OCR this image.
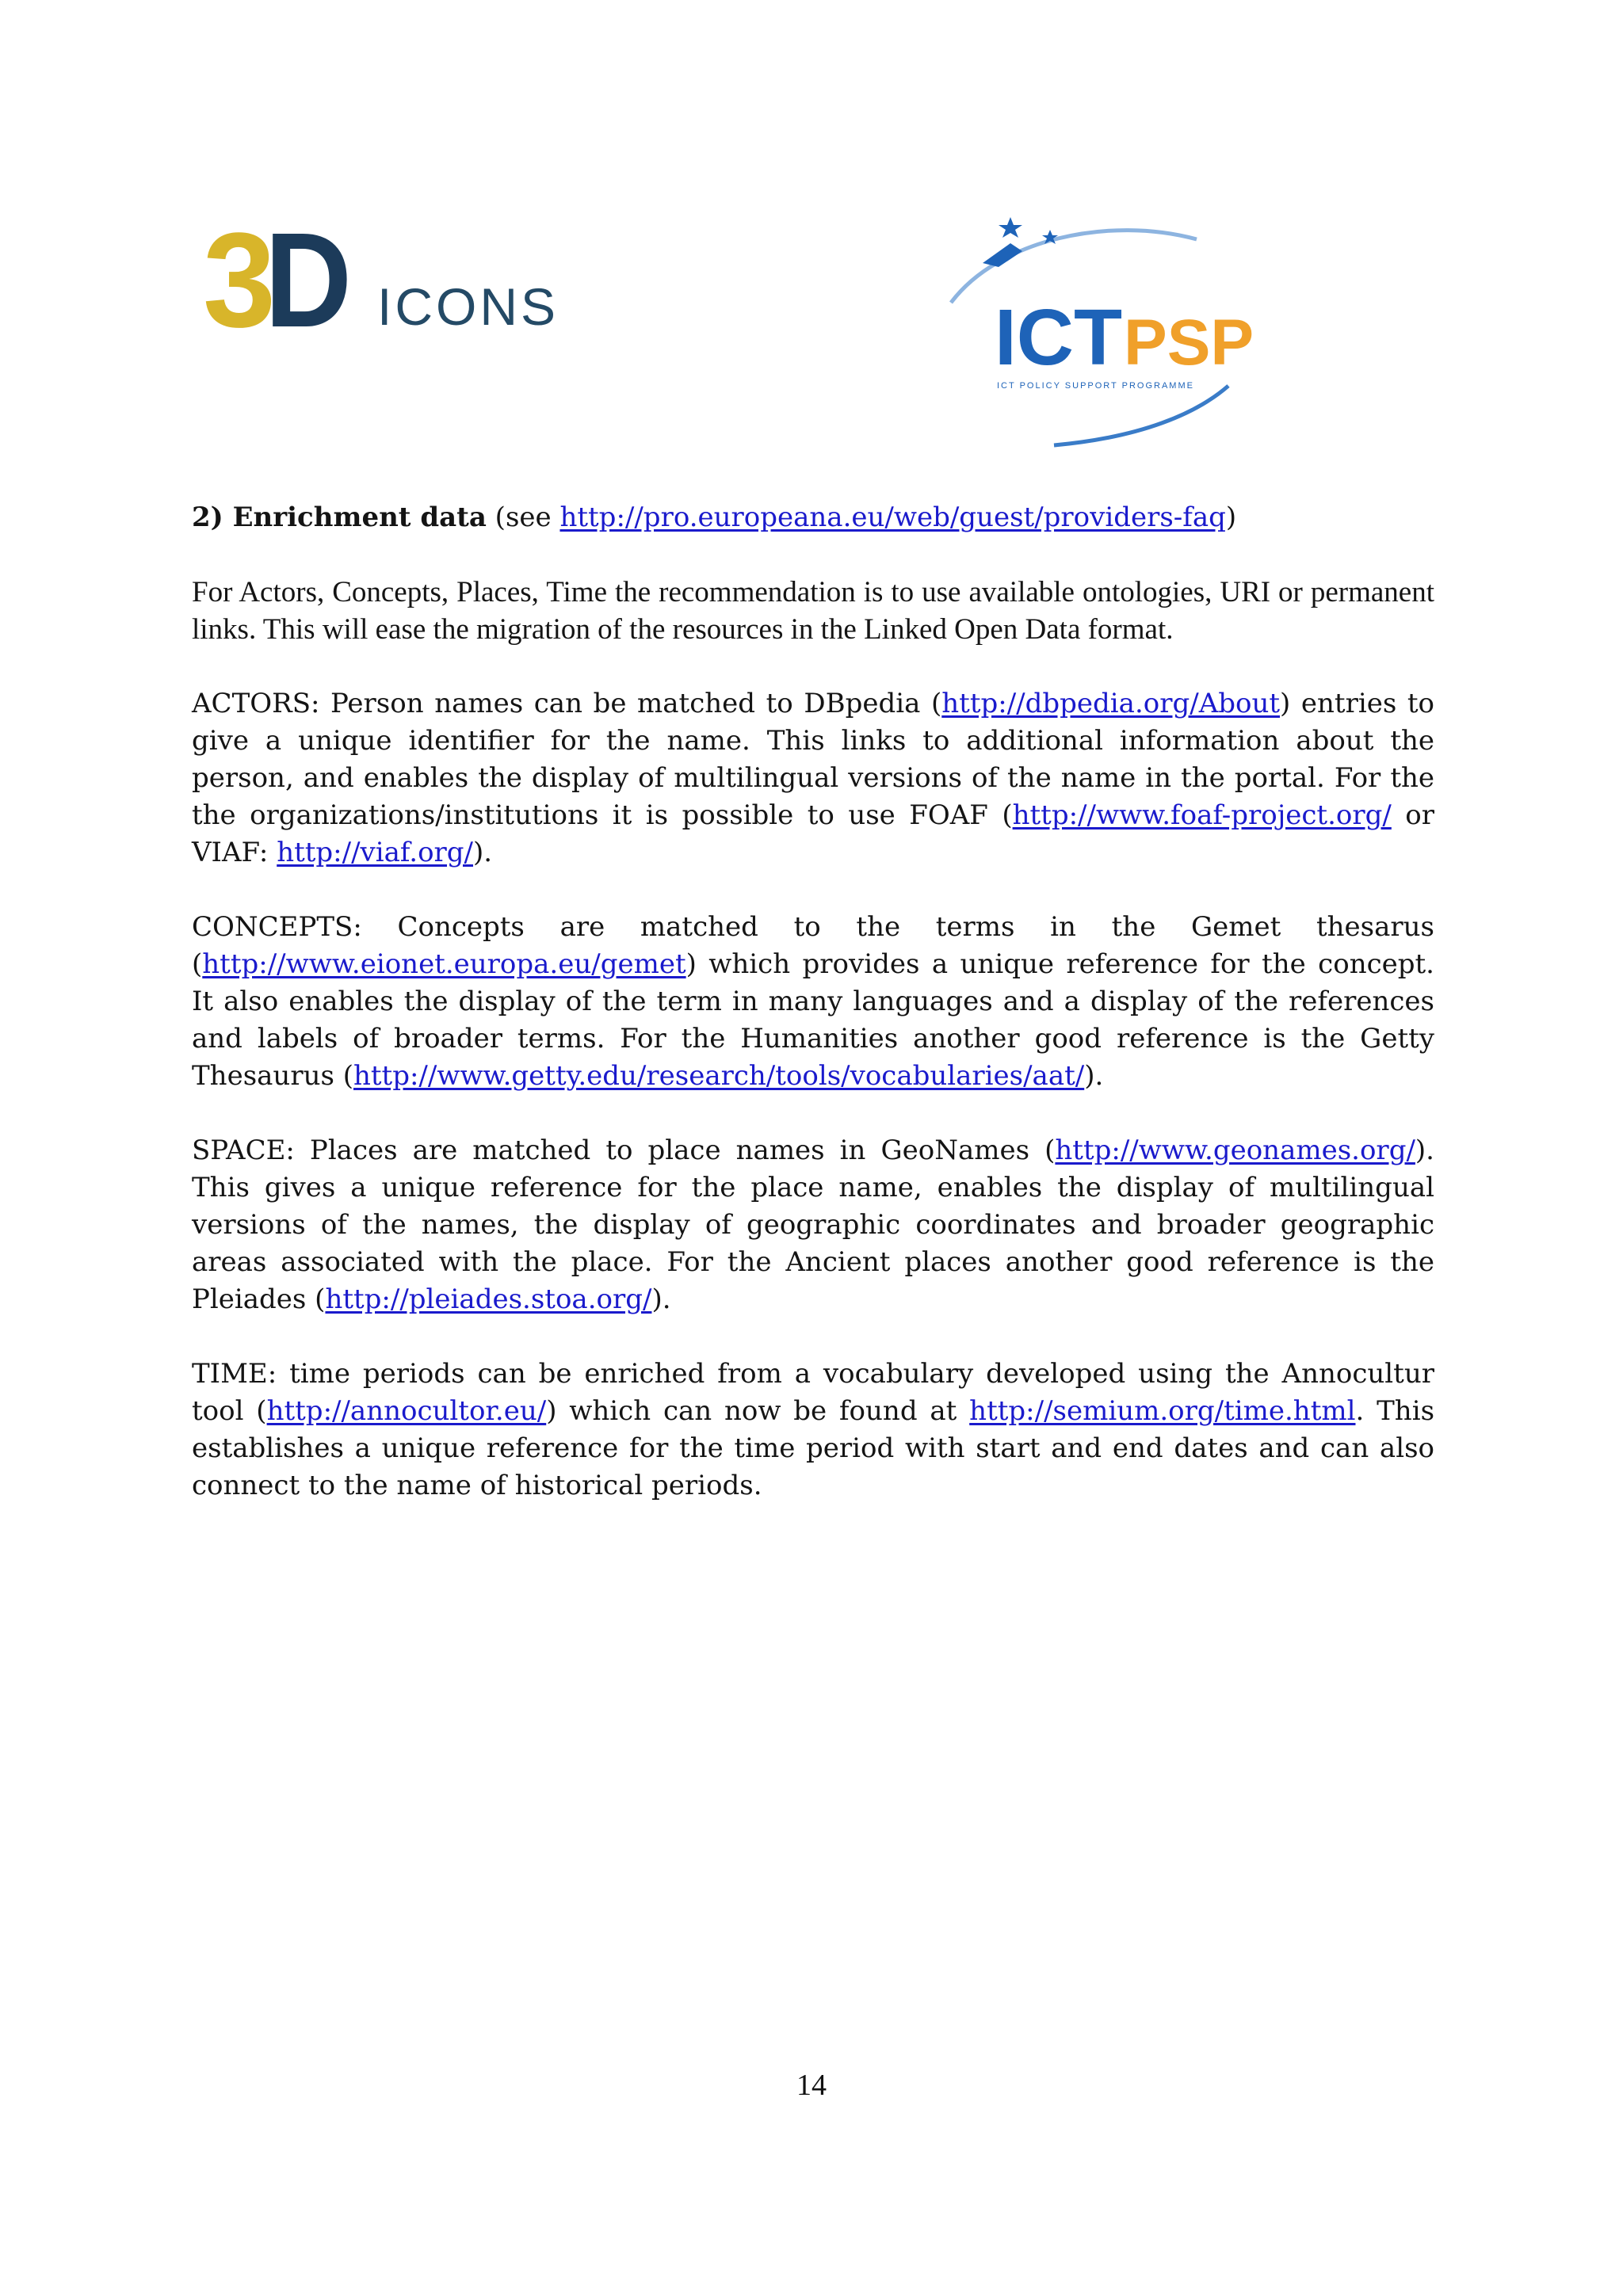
3
D ICONS	ICT PSP
ICT POLICY SUPPORT PROGRAMME

2) Enrichment data (see http://pro.europeana.eu/web/guest/providers-faq)

For Actors, Concepts, Places, Time the recommendation is to use available ontologies, URI or permanent links. This will ease the migration of the resources in the Linked Open Data format.

ACTORS: Person names can be matched to DBpedia (http://dbpedia.org/About) entries to give a unique identifier for the name. This links to additional information about the person, and enables the display of multilingual versions of the name in the portal. For the the organizations/institutions it is possible to use FOAF (http://www.foaf-project.org/ or VIAF: http://viaf.org/).

CONCEPTS: Concepts are matched to the terms in the Gemet thesarus (http://www.eionet.europa.eu/gemet) which provides a unique reference for the concept. It also enables the display of the term in many languages and a display of the references and labels of broader terms. For the Humanities another good reference is the Getty Thesaurus (http://www.getty.edu/research/tools/vocabularies/aat/).

SPACE: Places are matched to place names in GeoNames (http://www.geonames.org/). This gives a unique reference for the place name, enables the display of multilingual versions of the names, the display of geographic coordinates and broader geographic areas associated with the place. For the Ancient places another good reference is the Pleiades (http://pleiades.stoa.org/).

TIME: time periods can be enriched from a vocabulary developed using the Annocultur tool (http://annocultor.eu/) which can now be found at http://semium.org/time.html. This establishes a unique reference for the time period with start and end dates and can also connect to the name of historical periods.

14
